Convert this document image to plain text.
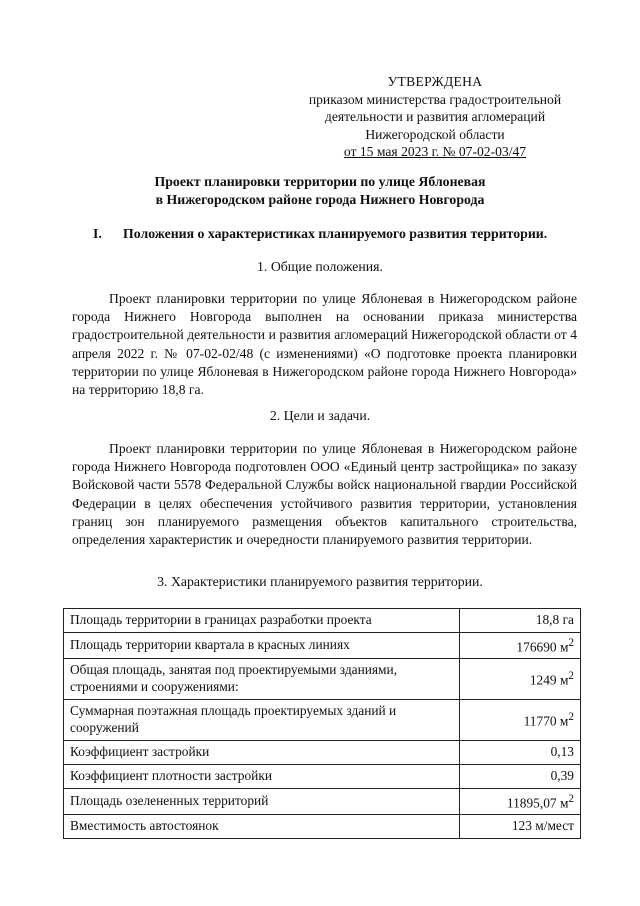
УТВЕРЖДЕНА
приказом министерства градостроительной
деятельности и развития агломераций
Нижегородской области
от 15 мая 2023 г. № 07-02-03/47
Проект планировки территории по улице Яблоневая
в Нижегородском районе города Нижнего Новгорода
I. Положения о характеристиках планируемого развития территории.
1. Общие положения.
Проект планировки территории по улице Яблоневая в Нижегородском районе города Нижнего Новгорода выполнен на основании приказа министерства градостроительной деятельности и развития агломераций Нижегородской области от 4 апреля 2022 г. № 07-02-02/48 (с изменениями) «О подготовке проекта планировки территории по улице Яблоневая в Нижегородском районе города Нижнего Новгорода» на территорию 18,8 га.
2. Цели и задачи.
Проект планировки территории по улице Яблоневая в Нижегородском районе города Нижнего Новгорода подготовлен ООО «Единый центр застройщика» по заказу Войсковой части 5578 Федеральной Службы войск национальной гвардии Российской Федерации в целях обеспечения устойчивого развития территории, установления границ зон планируемого размещения объектов капитального строительства, определения характеристик и очередности планируемого развития территории.
3. Характеристики планируемого развития территории.
Площадь территории в границах разработки проекта	18,8 га
Площадь территории квартала в красных линиях	176690 $м^2$
Общая площадь, занятая под проектируемыми зданиями, строениями и сооружениями:	1249 $м^2$
Суммарная поэтажная площадь проектируемых зданий и сооружений	11770 $м^2$
Коэффициент застройки	0,13
Коэффициент плотности застройки	0,39
Площадь озелененных территорий	11895,07 $м^2$
Вместимость автостоянок	123 м/мест
